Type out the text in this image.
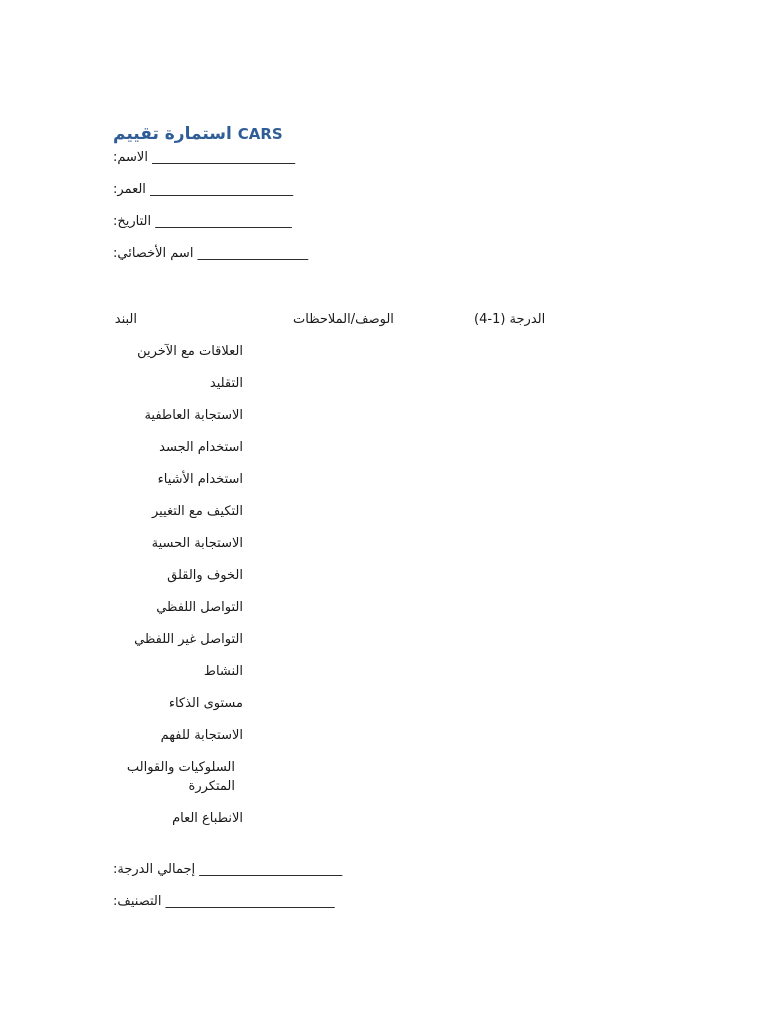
استمارة تقييم CARS
:الاسم ______________________
:العمر ______________________
:التاريخ _____________________
:اسم الأخصائي _________________
البند	الوصف/الملاحظات	الدرجة (1-4)
العلاقات مع الآخرين
التقليد
الاستجابة العاطفية
استخدام الجسد
استخدام الأشياء
التكيف مع التغيير
الاستجابة الحسية
الخوف والقلق
التواصل اللفظي
التواصل غير اللفظي
النشاط
مستوى الذكاء
الاستجابة للفهم
السلوكيات والقوالب المتكررة
الانطباع العام
:إجمالي الدرجة ______________________
:التصنيف __________________________
